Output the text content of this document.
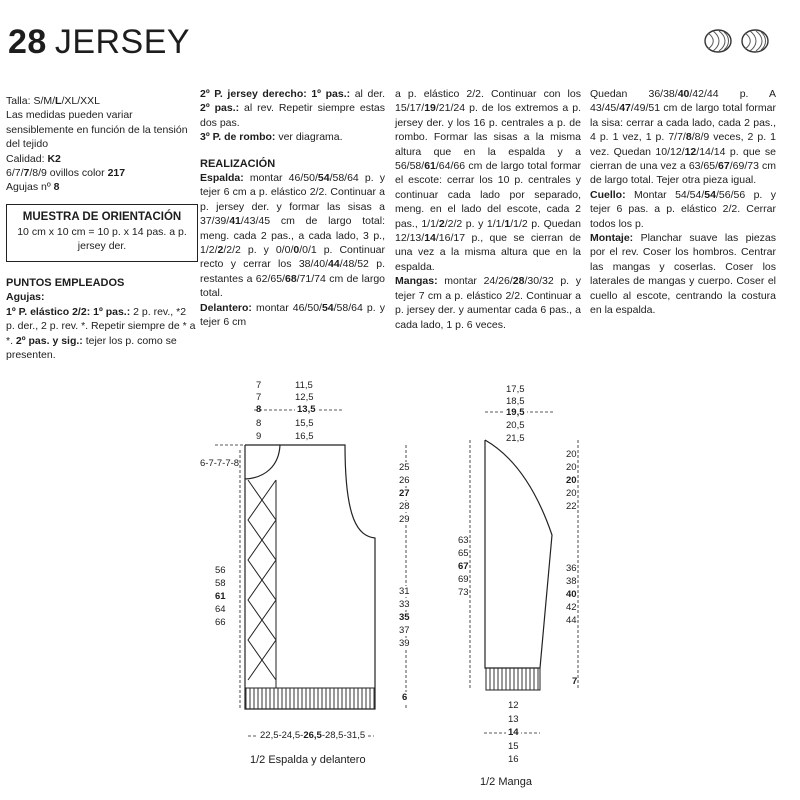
28 JERSEY

Talla: S/M/L/XL/XXL

Las medidas pueden variar sensiblemente en función de la tensión del tejido

Calidad: K2

6/7/7/8/9 ovillos color 217

Agujas nº 8

MUESTRA DE ORIENTACIÓN
10 cm x 10 cm = 10 p. x 14 pas. a p. jersey der.

PUNTOS EMPLEADOS

Agujas:

1º P. elástico 2/2: 1º pas.: 2 p. rev., *2 p. der., 2 p. rev. *. Repetir siempre de * a *. 2º pas. y sig.: tejer los p. como se presenten.

2º P. jersey derecho: 1º pas.: al der. 2º pas.: al rev. Repetir siempre estas dos pas.

3º P. de rombo: ver diagrama.

REALIZACIÓN

Espalda: montar 46/50/54/58/64 p. y tejer 6 cm a p. elástico 2/2. Continuar a p. jersey der. y formar las sisas a 37/39/41/43/45 cm de largo total: meng. cada 2 pas., a cada lado, 3 p., 1/2/2/2/2 p. y 0/0/0/0/1 p. Continuar recto y cerrar los 38/40/44/48/52 p. restantes a 62/65/68/71/74 cm de largo total.

Delantero: montar 46/50/54/58/64 p. y tejer 6 cm

a p. elástico 2/2. Continuar con los 15/17/19/21/24 p. de los extremos a p. jersey der. y los 16 p. centrales a p. de rombo. Formar las sisas a la misma altura que en la espalda y a 56/58/61/64/66 cm de largo total formar el escote: cerrar los 10 p. centrales y continuar cada lado por separado, meng. en el lado del escote, cada 2 pas., 1/1/2/2/2 p. y 1/1/1/1/2 p. Quedan 12/13/14/16/17 p., que se cierran de una vez a la misma altura que en la espalda.

Mangas: montar 24/26/28/30/32 p. y tejer 7 cm a p. elástico 2/2. Continuar a p. jersey der. y aumentar cada 6 pas., a cada lado, 1 p. 6 veces.

Quedan 36/38/40/42/44 p. A 43/45/47/49/51 cm de largo total formar la sisa: cerrar a cada lado, cada 2 pas., 4 p. 1 vez, 1 p. 7/7/8/8/9 veces, 2 p. 1 vez. Quedan 10/12/12/14/14 p. que se cierran de una vez a 63/65/67/69/73 cm de largo total. Tejer otra pieza igual.

Cuello: Montar 54/54/54/56/56 p. y tejer 6 pas. a p. elástico 2/2. Cerrar todos los p.

Montaje: Planchar suave las piezas por el rev. Coser los hombros. Centrar las mangas y coserlas. Coser los laterales de mangas y cuerpo. Coser el cuello al escote, centrando la costura en la espalda.

7
7
8
8
9
11,5
12,5
13,5
15,5
16,5
6-7-7-7-8
56
58
61
64
66
25
26
27
28
29
31
33
35
37
39
6
22,5-24,5-26,5-28,5-31,5
1/2 Espalda y delantero
17,5
18,5
19,5
20,5
21,5
63
65
67
69
73
20
20
20
20
22
36
38
40
42
44
7
12
13
14
15
16
1/2 Manga
